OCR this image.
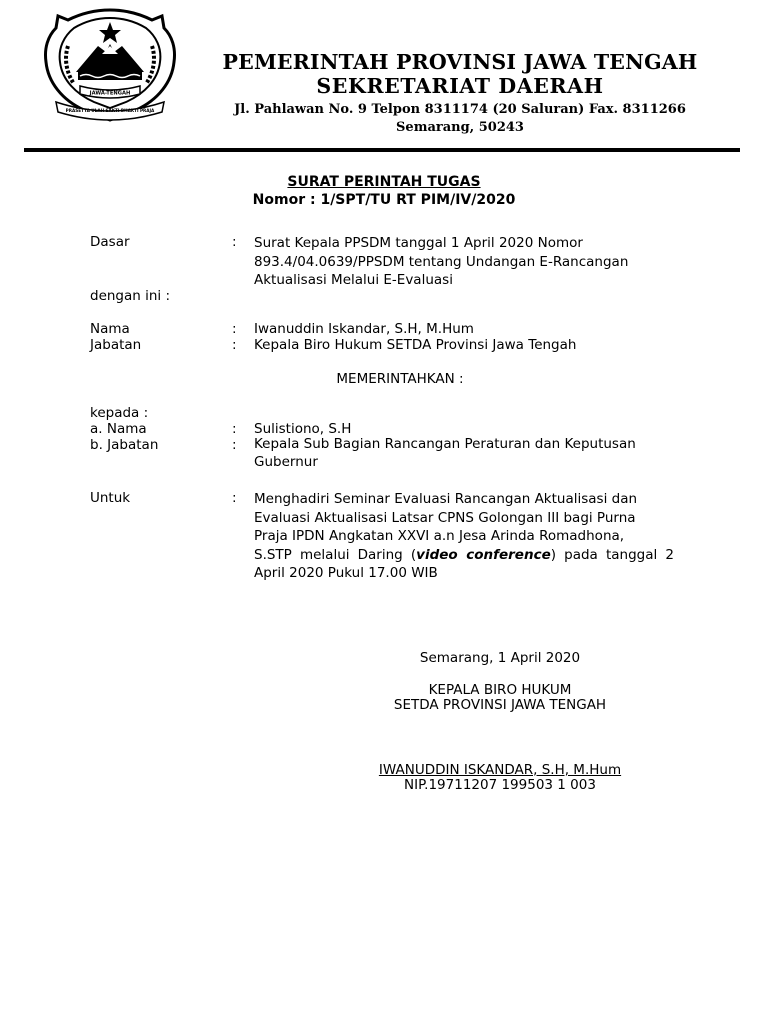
JAWA-TENGAH
PRASETYA ULAH SAKTI BHAKTI PRAJA
PEMERINTAH PROVINSI JAWA TENGAH
SEKRETARIAT DAERAH
Jl. Pahlawan No. 9 Telpon 8311174 (20 Saluran) Fax. 8311266
Semarang, 50243
SURAT PERINTAH TUGAS
Nomor : 1/SPT/TU RT PIM/IV/2020
Dasar	: Surat Kepala PPSDM tanggal 1 April 2020 Nomor
893.4/04.0639/PPSDM tentang Undangan E-Rancangan
Aktualisasi Melalui E-Evaluasi
dengan ini :
Nama	: Iwanuddin Iskandar, S.H, M.Hum
Jabatan	: Kepala Biro Hukum SETDA Provinsi Jawa Tengah
MEMERINTAHKAN :
kepada :
a. Nama	: Sulistiono, S.H
b. Jabatan	: Kepala Sub Bagian Rancangan Peraturan dan Keputusan
Gubernur
Untuk	: Menghadiri Seminar Evaluasi Rancangan Aktualisasi dan
Evaluasi Aktualisasi Latsar CPNS Golongan III bagi Purna
Praja IPDN Angkatan XXVI a.n Jesa Arinda Romadhona,
S.STP melalui Daring (video conference) pada tanggal 2
April 2020 Pukul 17.00 WIB
Semarang, 1 April 2020
KEPALA BIRO HUKUM
SETDA PROVINSI JAWA TENGAH
IWANUDDIN ISKANDAR, S.H, M.Hum
NIP.19711207 199503 1 003
